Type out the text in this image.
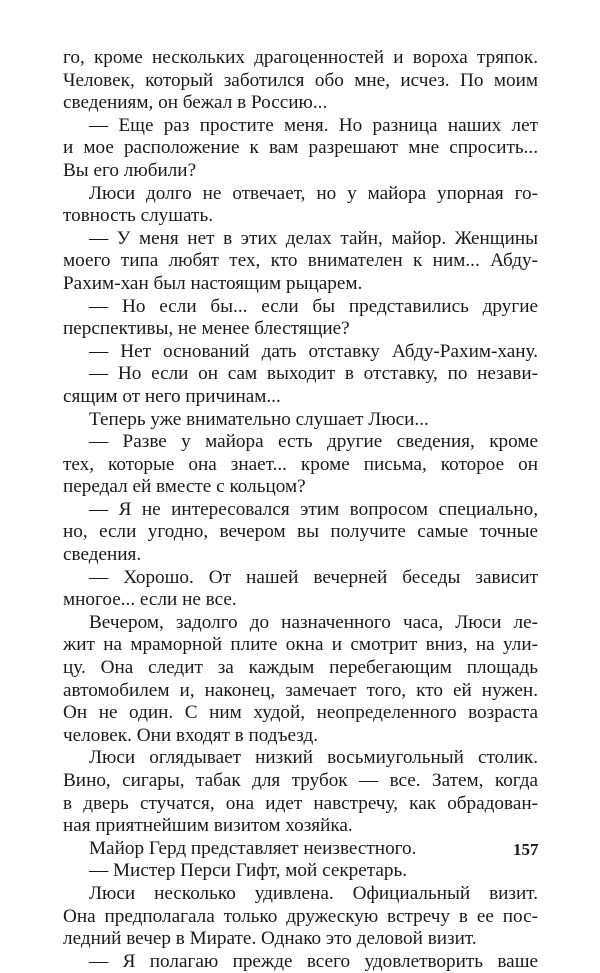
го, кроме нескольких драгоценностей и вороха тряпок.
Человек, который заботился обо мне, исчез. По моим
сведениям, он бежал в Россию...
— Еще раз простите меня. Но разница наших лет
и мое расположение к вам разрешают мне спросить...
Вы его любили?
Люси долго не отвечает, но у майора упорная го-
товность слушать.
— У меня нет в этих делах тайн, майор. Женщины
моего типа любят тех, кто внимателен к ним... Абду-
Рахим-хан был настоящим рыцарем.
— Но если бы... если бы представились другие
перспективы, не менее блестящие?
— Нет оснований дать отставку Абду-Рахим-хану.
— Но если он сам выходит в отставку, по незави-
сящим от него причинам...
Теперь уже внимательно слушает Люси...
— Разве у майора есть другие сведения, кроме
тех, которые она знает... кроме письма, которое он
передал ей вместе с кольцом?
— Я не интересовался этим вопросом специально,
но, если угодно, вечером вы получите самые точные
сведения.
— Хорошо. От нашей вечерней беседы зависит
многое... если не все.
Вечером, задолго до назначенного часа, Люси ле-
жит на мраморной плите окна и смотрит вниз, на ули-
цу. Она следит за каждым перебегающим площадь
автомобилем и, наконец, замечает того, кто ей нужен.
Он не один. С ним худой, неопределенного возраста
человек. Они входят в подъезд.
Люси оглядывает низкий восьмиугольный столик.
Вино, сигары, табак для трубок — все. Затем, когда
в дверь стучатся, она идет навстречу, как обрадован-
ная приятнейшим визитом хозяйка.
Майор Герд представляет неизвестного.
— Мистер Перси Гифт, мой секретарь.
Люси несколько удивлена. Официальный визит.
Она предполагала только дружескую встречу в ее пос-
ледний вечер в Мирате. Однако это деловой визит.
— Я полагаю прежде всего удовлетворить ваше
157
